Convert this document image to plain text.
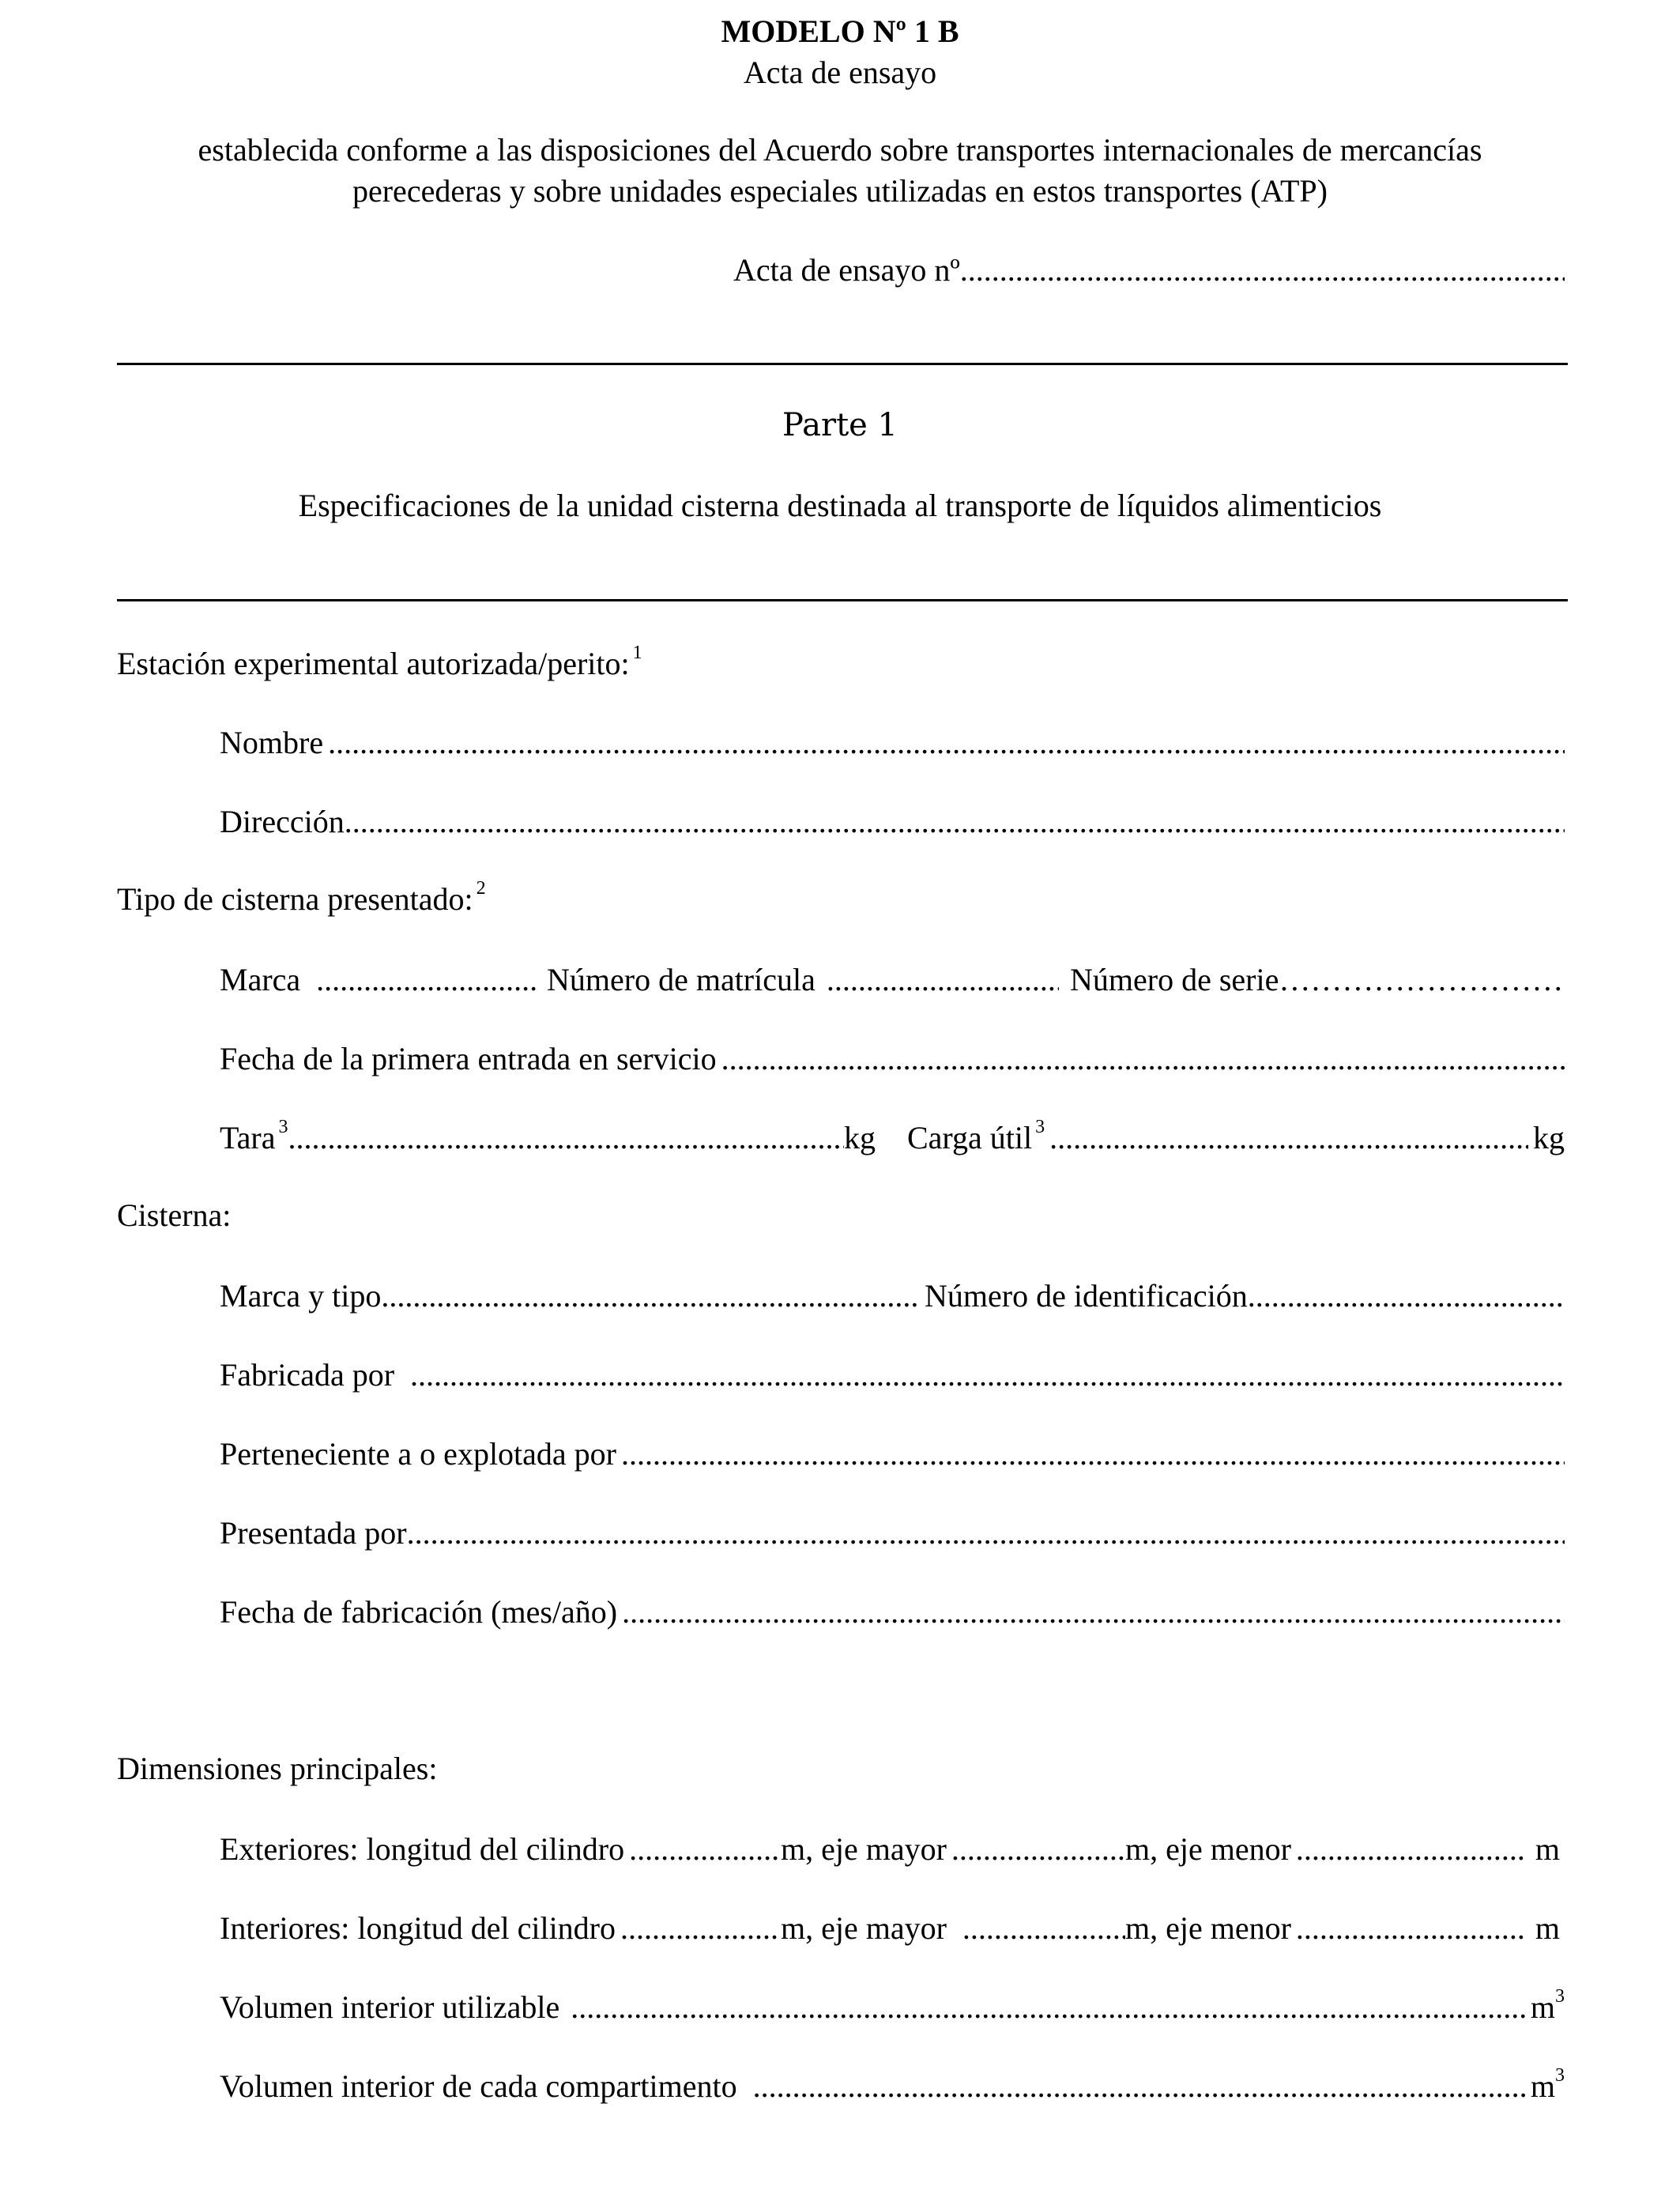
MODELO Nº 1 B
Acta de ensayo
establecida conforme a las disposiciones del Acuerdo sobre transportes internacionales de mercancías
perecederas y sobre unidades especiales utilizadas en estos transportes (ATP)
Acta de ensayo nº
.....
Parte 1
Especificaciones de la unidad cisterna destinada al transporte de líquidos alimenticios
Estación experimental autorizada/perito: $^1$
Nombre
.....
Dirección
.....
Tipo de cisterna presentado: $^2$
Marca .....	Número de matrícula .....	Número de serie
……………………………………………………………………………………
Fecha de la primera entrada en servicio
.....
Tara $^3$ .....	kg Carga útil $^3$ .....	kg
Cisterna:
Marca y tipo .....	Número de identificación
.....
Fabricada por
.....
Perteneciente a o explotada por
.....
Presentada por
.....
Fecha de fabricación (mes/año)
.....
Dimensiones principales:
Exteriores: longitud del cilindro .....	m, eje mayor .....	m, eje menor .....	m
Interiores: longitud del cilindro .....	m, eje mayor .....	m, eje menor .....	m
Volumen interior utilizable .....	$m^3$
Volumen interior de cada compartimento .....	$m^3$
